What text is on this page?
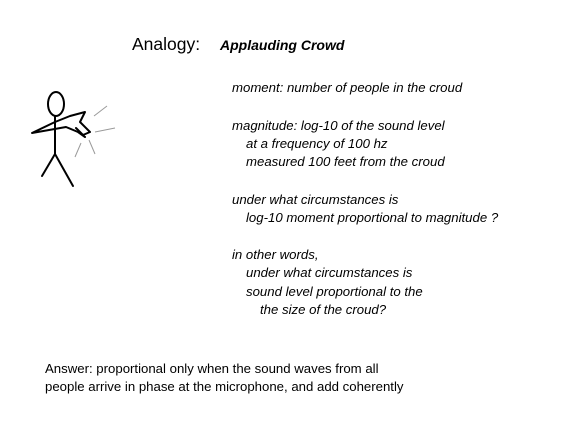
Analogy: Applauding Crowd
moment: number of people in the croud
magnitude: log-10 of the sound level
at a frequency of 100 hz
measured 100 feet from the croud
under what circumstances is
log-10 moment proportional to magnitude ?
in other words,
under what circumstances is
sound level proportional to the
the size of the croud?
Answer: proportional only when the sound waves from all
people arrive in phase at the microphone, and add coherently
